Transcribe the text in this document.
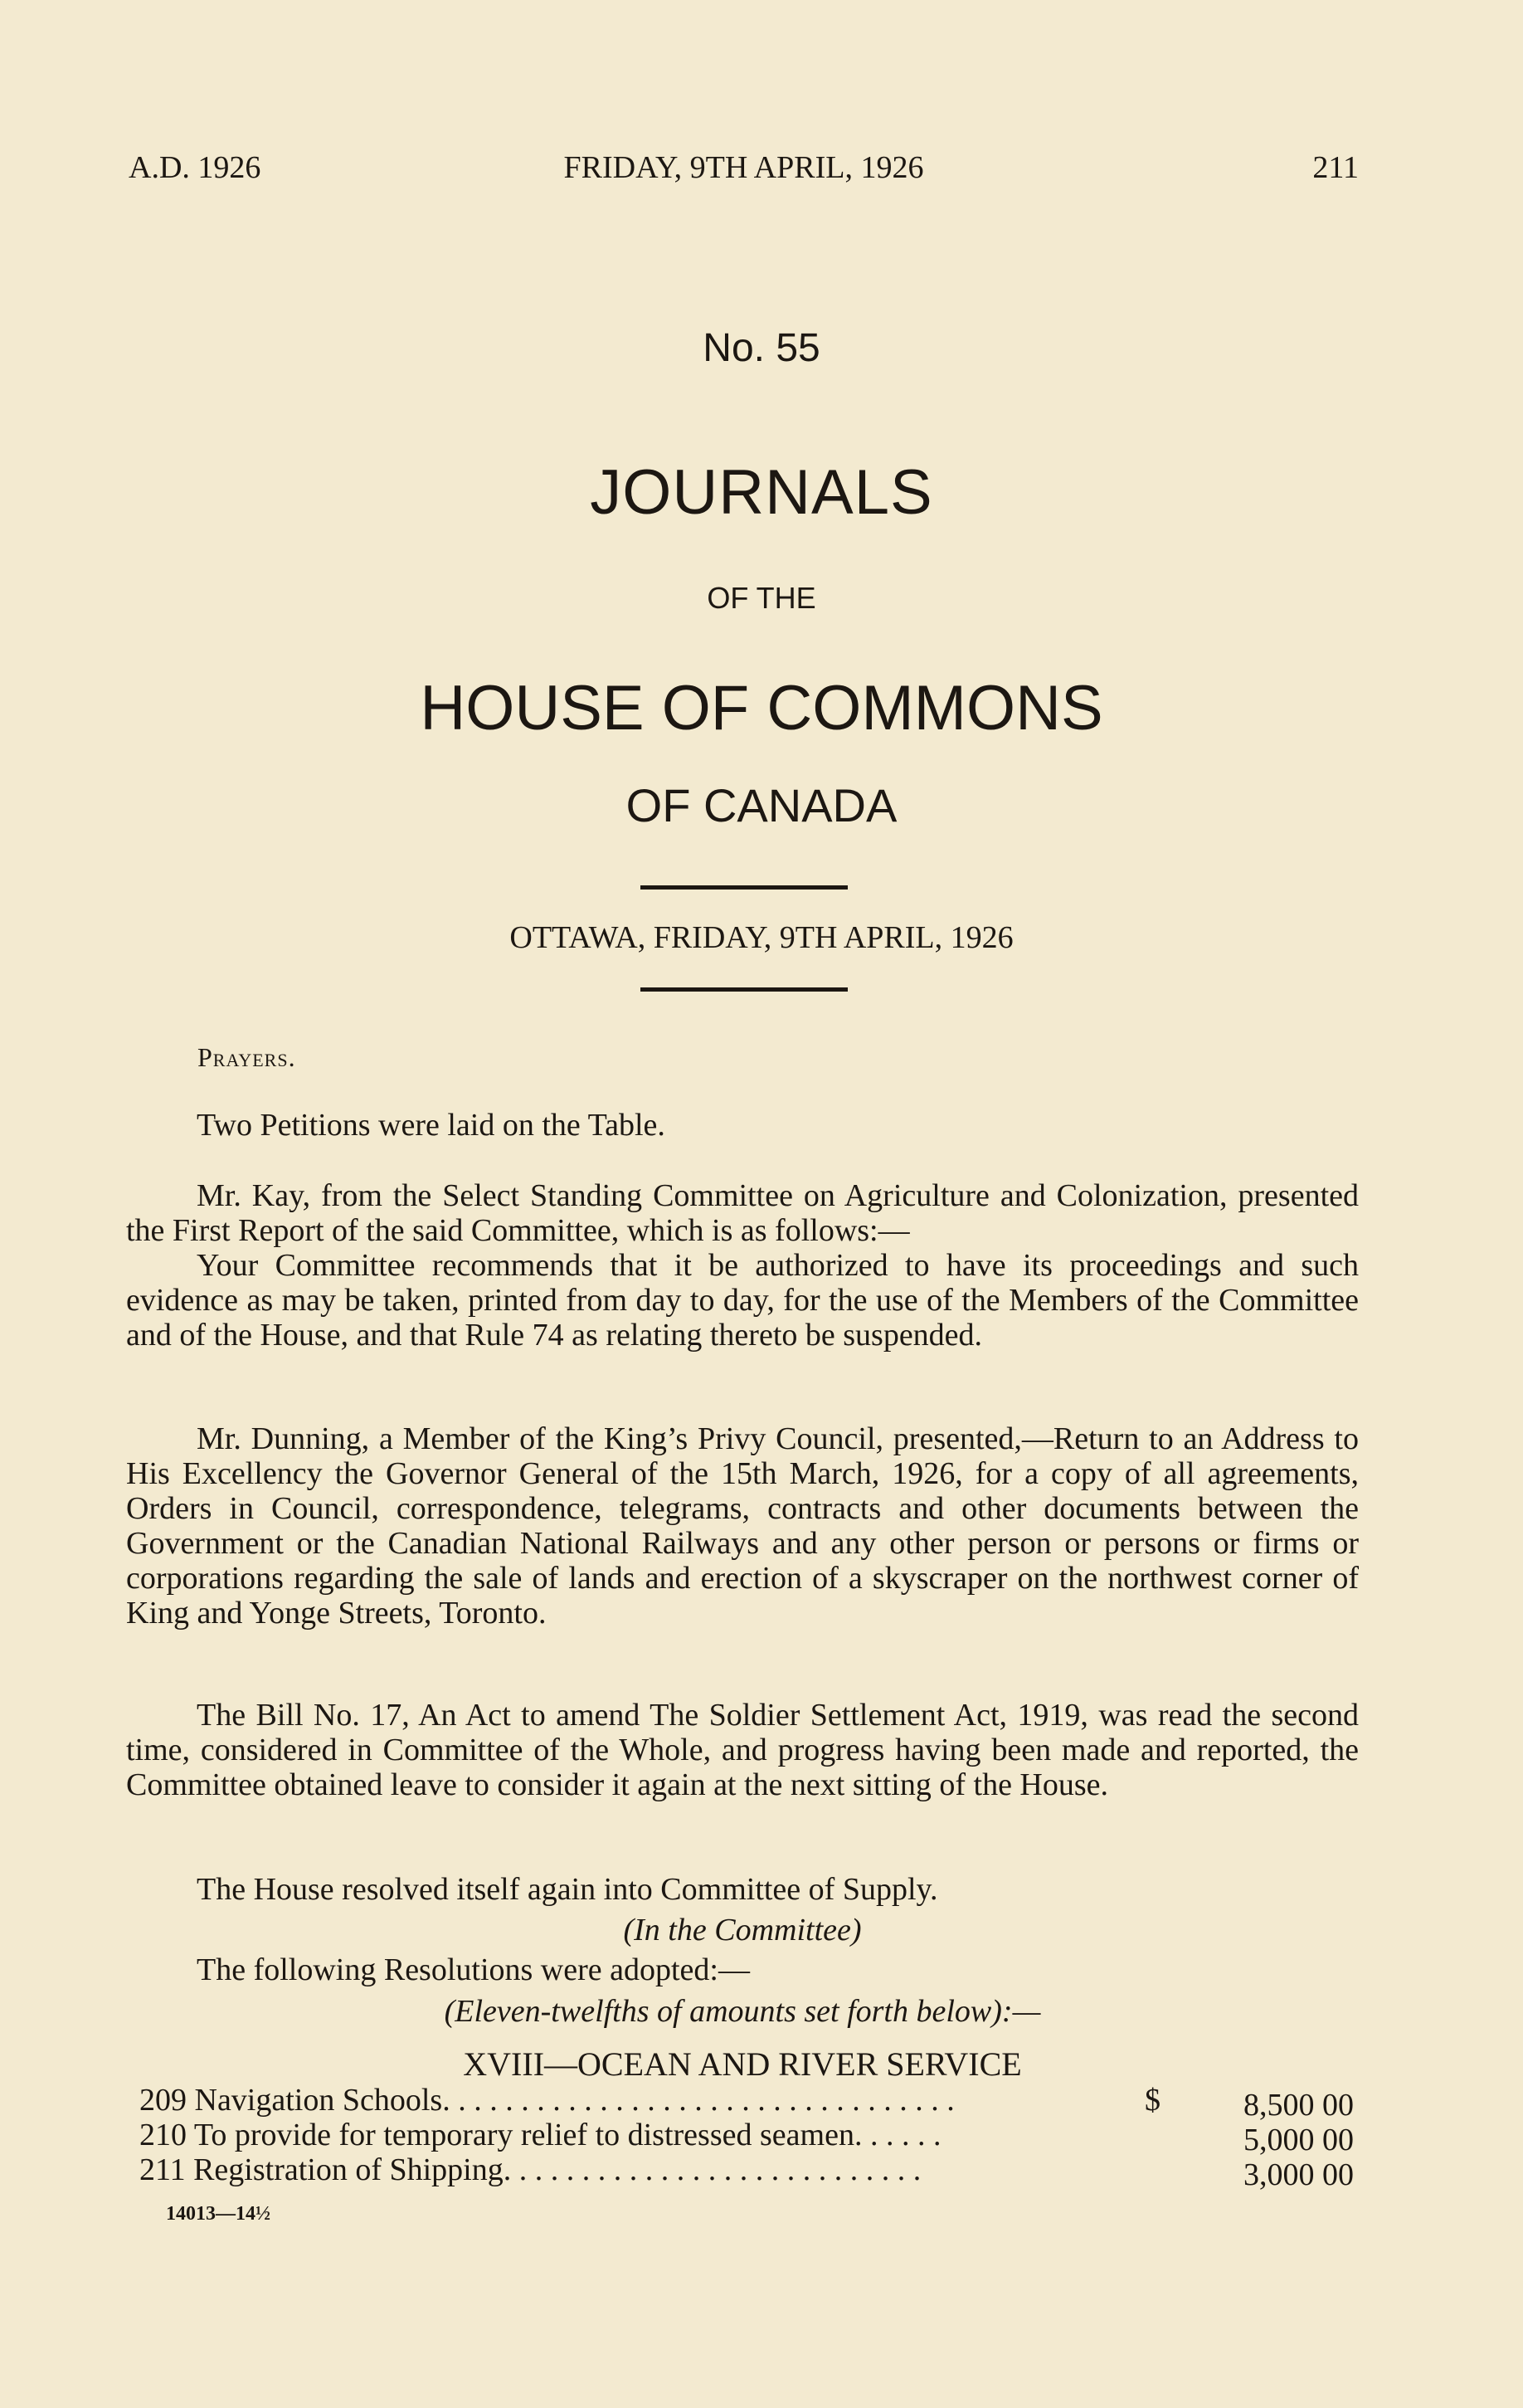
A.D. 1926	FRIDAY, 9TH APRIL, 1926	211
No. 55
JOURNALS
OF THE
HOUSE OF COMMONS
OF CANADA
OTTAWA, FRIDAY, 9TH APRIL, 1926
Prayers.
Two Petitions were laid on the Table.
Mr. Kay, from the Select Standing Committee on Agriculture and Colonization, presented the First Report of the said Committee, which is as follows:—
Your Committee recommends that it be authorized to have its proceedings and such evidence as may be taken, printed from day to day, for the use of the Members of the Committee and of the House, and that Rule 74 as relating thereto be suspended.
Mr. Dunning, a Member of the King’s Privy Council, presented,—Return to an Address to His Excellency the Governor General of the 15th March, 1926, for a copy of all agreements, Orders in Council, correspondence, telegrams, contracts and other documents between the Government or the Canadian National Railways and any other person or persons or firms or corporations regarding the sale of lands and erection of a skyscraper on the northwest corner of King and Yonge Streets, Toronto.
The Bill No. 17, An Act to amend The Soldier Settlement Act, 1919, was read the second time, considered in Committee of the Whole, and progress having been made and reported, the Committee obtained leave to consider it again at the next sitting of the House.
The House resolved itself again into Committee of Supply.
(In the Committee)
The following Resolutions were adopted:—
(Eleven-twelfths of amounts set forth below):—
XVIII—OCEAN AND RIVER SERVICE
209 Navigation Schools. . . . . . . . . . . . . . . . . . . . . . . . . . . . . . . . .	$	8,500 00
210 To provide for temporary relief to distressed seamen. . . . . .	5,000 00
211 Registration of Shipping. . . . . . . . . . . . . . . . . . . . . . . . . . .	3,000 00
14013—14½
